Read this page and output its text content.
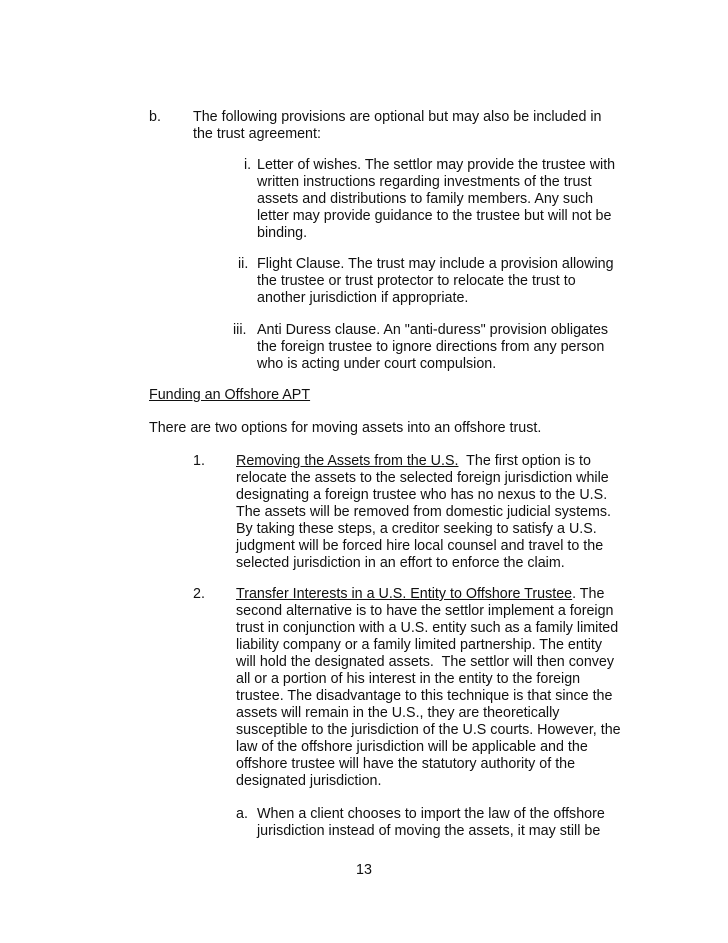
b. The following provisions are optional but may also be included in
the trust agreement:
i. Letter of wishes. The settlor may provide the trustee with
written instructions regarding investments of the trust
assets and distributions to family members. Any such
letter may provide guidance to the trustee but will not be
binding.
ii. Flight Clause. The trust may include a provision allowing
the trustee or trust protector to relocate the trust to
another jurisdiction if appropriate.
iii. Anti Duress clause. An "anti-duress" provision obligates
the foreign trustee to ignore directions from any person
who is acting under court compulsion.
Funding an Offshore APT
There are two options for moving assets into an offshore trust.
1. Removing the Assets from the U.S.  The first option is to
relocate the assets to the selected foreign jurisdiction while
designating a foreign trustee who has no nexus to the U.S.
The assets will be removed from domestic judicial systems.
By taking these steps, a creditor seeking to satisfy a U.S.
judgment will be forced hire local counsel and travel to the
selected jurisdiction in an effort to enforce the claim.
2. Transfer Interests in a U.S. Entity to Offshore Trustee. The
second alternative is to have the settlor implement a foreign
trust in conjunction with a U.S. entity such as a family limited
liability company or a family limited partnership. The entity
will hold the designated assets.  The settlor will then convey
all or a portion of his interest in the entity to the foreign
trustee. The disadvantage to this technique is that since the
assets will remain in the U.S., they are theoretically
susceptible to the jurisdiction of the U.S courts. However, the
law of the offshore jurisdiction will be applicable and the
offshore trustee will have the statutory authority of the
designated jurisdiction.
a. When a client chooses to import the law of the offshore
jurisdiction instead of moving the assets, it may still be
13
